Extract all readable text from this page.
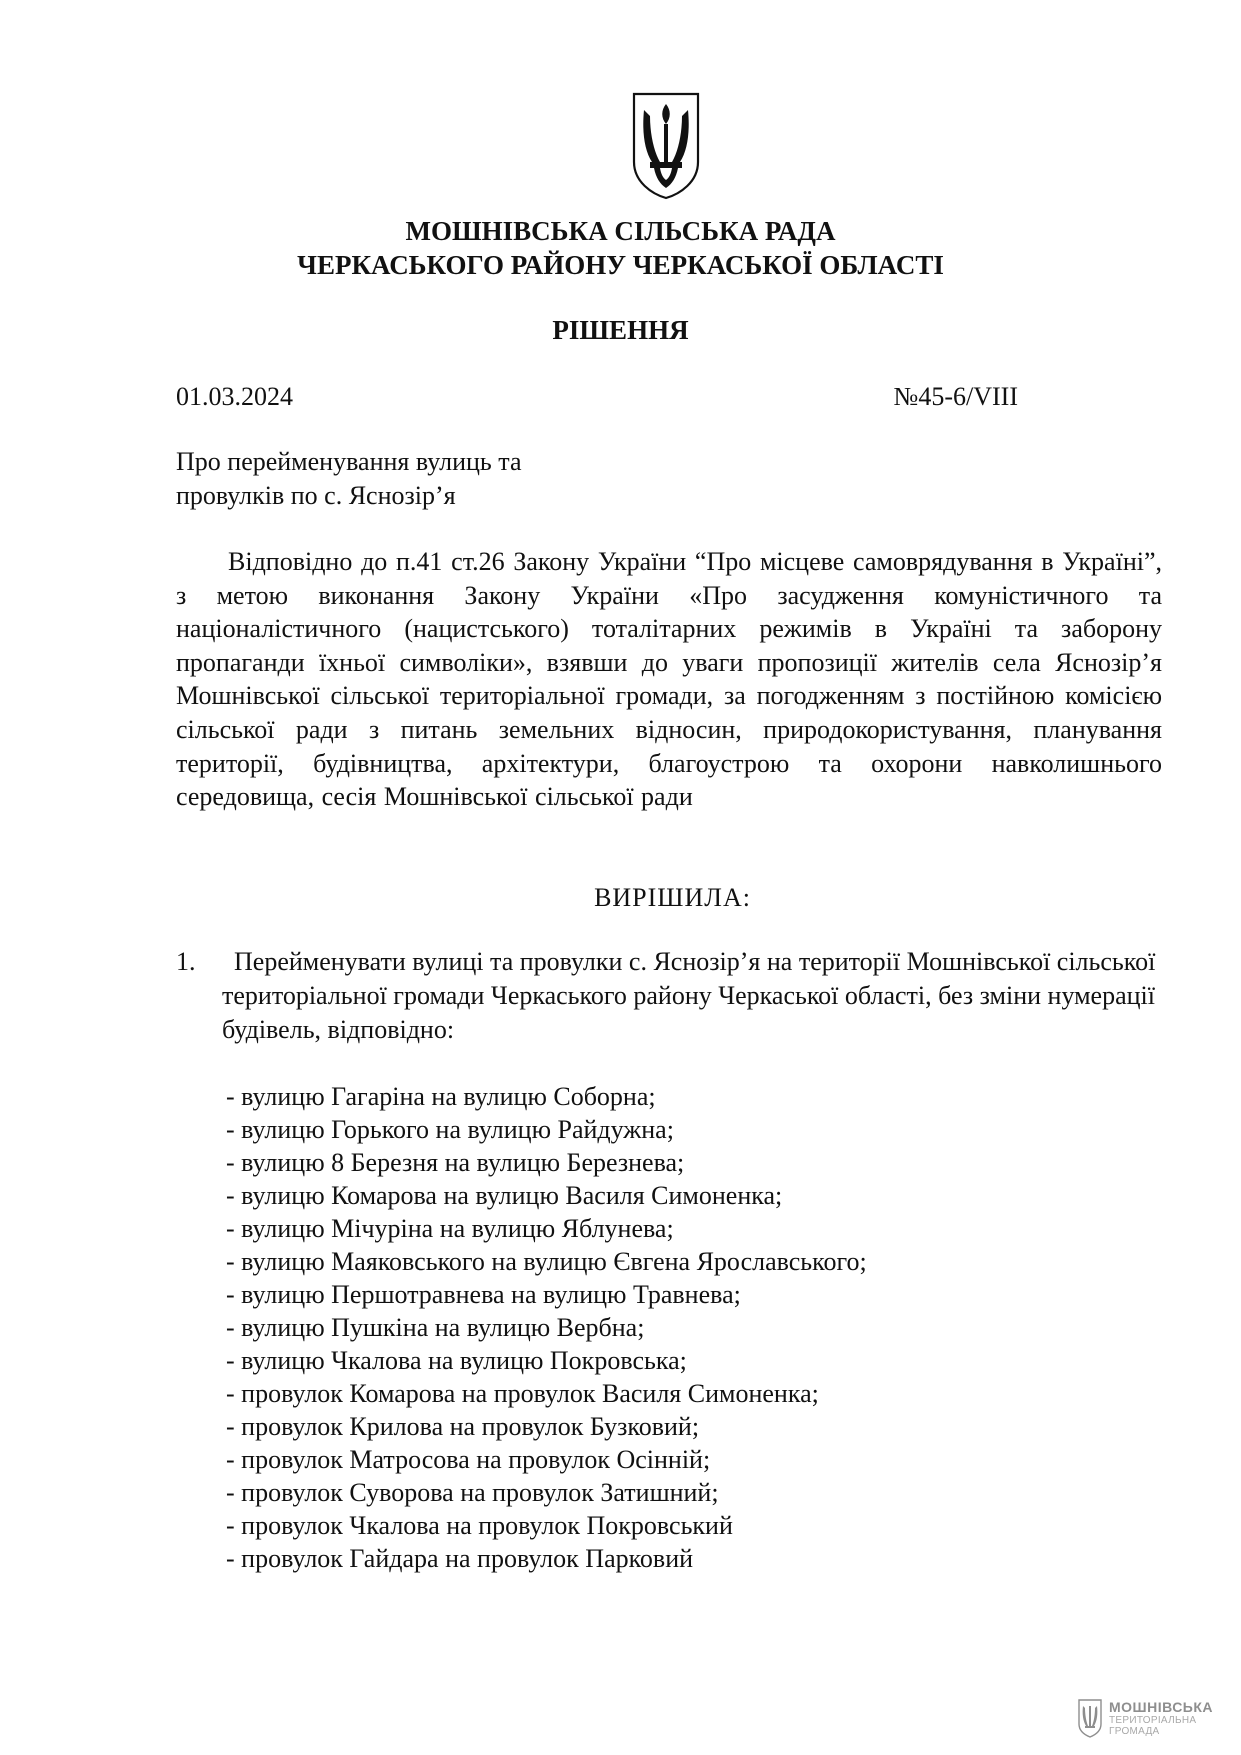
МОШНІВСЬКА СІЛЬСЬКА РАДА

ЧЕРКАСЬКОГО РАЙОНУ ЧЕРКАСЬКОЇ ОБЛАСТІ

РІШЕННЯ

01.03.2024	№45-6/VIII
Про перейменування вулиць та
провулків по с. Яснозір’я

Відповідно до п.41 ст.26 Закону України “Про місцеве самоврядування в Україні”, з метою виконання Закону України «Про засудження комуністичного та націоналістичного (нацистського) тоталітарних режимів в Україні та заборону пропаганди їхньої символіки», взявши до уваги пропозиції жителів села Яснозір’я Мошнівської сільської територіальної громади, за погодженням з постійною комісією сільської ради з питань земельних відносин, природокористування, планування території, будівництва, архітектури, благоустрою та охорони навколишнього середовища, сесія Мошнівської сільської ради

ВИРІШИЛА:

1.	Перейменувати вулиці та провулки с. Яснозір’я на території Мошнівської сільської територіальної громади Черкаського району Черкаської області, без зміни нумерації будівель, відповідно:

- вулицю Гагаріна на вулицю Соборна;
- вулицю Горького на вулицю Райдужна;
- вулицю 8 Березня на вулицю Березнева;
- вулицю Комарова на вулицю Василя Симоненка;
- вулицю Мічуріна на вулицю Яблунева;
- вулицю Маяковського на вулицю Євгена Ярославського;
- вулицю Першотравнева на вулицю Травнева;
- вулицю Пушкіна на вулицю Вербна;
- вулицю Чкалова на вулицю Покровська;
- провулок Комарова на провулок Василя Симоненка;
- провулок Крилова на провулок Бузковий;
- провулок Матросова на провулок Осінній;
- провулок Суворова на провулок Затишний;
- провулок Чкалова на провулок Покровський
- провулок Гайдара на провулок Парковий
МОШНІВСЬКА
ТЕРИТОРІАЛЬНА
ГРОМАДА
